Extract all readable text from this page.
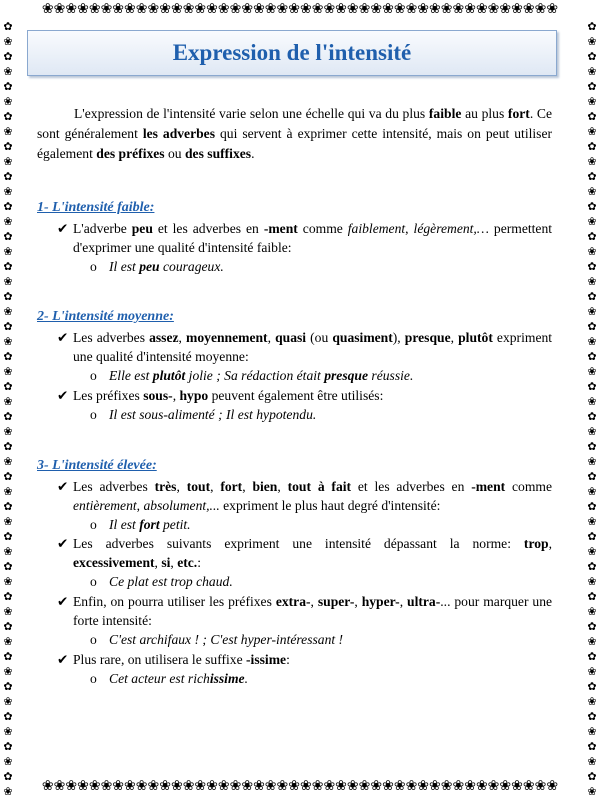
❀❀❀❀❀❀❀❀❀❀❀❀❀❀❀❀❀❀❀❀❀❀❀❀❀❀❀❀❀❀❀❀❀❀❀❀❀❀❀❀❀❀❀❀
❀❀❀❀❀❀❀❀❀❀❀❀❀❀❀❀❀❀❀❀❀❀❀❀❀❀❀❀❀❀❀❀❀❀❀❀❀❀❀❀❀❀❀❀
✿❀✿❀✿❀✿❀✿❀✿❀✿❀✿❀✿❀✿❀✿❀✿❀✿❀✿❀✿❀✿❀✿❀✿❀✿❀✿❀✿❀✿❀✿❀✿❀✿❀✿❀
✿❀✿❀✿❀✿❀✿❀✿❀✿❀✿❀✿❀✿❀✿❀✿❀✿❀✿❀✿❀✿❀✿❀✿❀✿❀✿❀✿❀✿❀✿❀✿❀✿❀✿❀
Expression de l'intensité
L'expression de l'intensité varie selon une échelle qui va du plus faible au plus fort. Ce sont généralement les adverbes qui servent à exprimer cette intensité, mais on peut utiliser également des préfixes ou des suffixes.
1- L'intensité faible:
✔ L'adverbe peu et les adverbes en -ment comme faiblement, légèrement,… permettent d'exprimer une qualité d'intensité faible:
o Il est peu courageux.
2- L'intensité moyenne:
✔ Les adverbes assez, moyennement, quasi (ou quasiment), presque, plutôt expriment une qualité d'intensité moyenne:
o Elle est plutôt jolie ; Sa rédaction était presque réussie.
✔ Les préfixes sous-, hypo peuvent également être utilisés:
o Il est sous-alimenté ; Il est hypotendu.
3- L'intensité élevée:
✔ Les adverbes très, tout, fort, bien, tout à fait et les adverbes en -ment comme entièrement, absolument,... expriment le plus haut degré d'intensité:
o Il est fort petit.
✔ Les adverbes suivants expriment une intensité dépassant la norme: trop, excessivement, si, etc.:
o Ce plat est trop chaud.
✔ Enfin, on pourra utiliser les préfixes extra-, super-, hyper-, ultra-... pour marquer une forte intensité:
o C'est archifaux ! ; C'est hyper-intéressant !
✔ Plus rare, on utilisera le suffixe -issime:
o Cet acteur est richissime.
